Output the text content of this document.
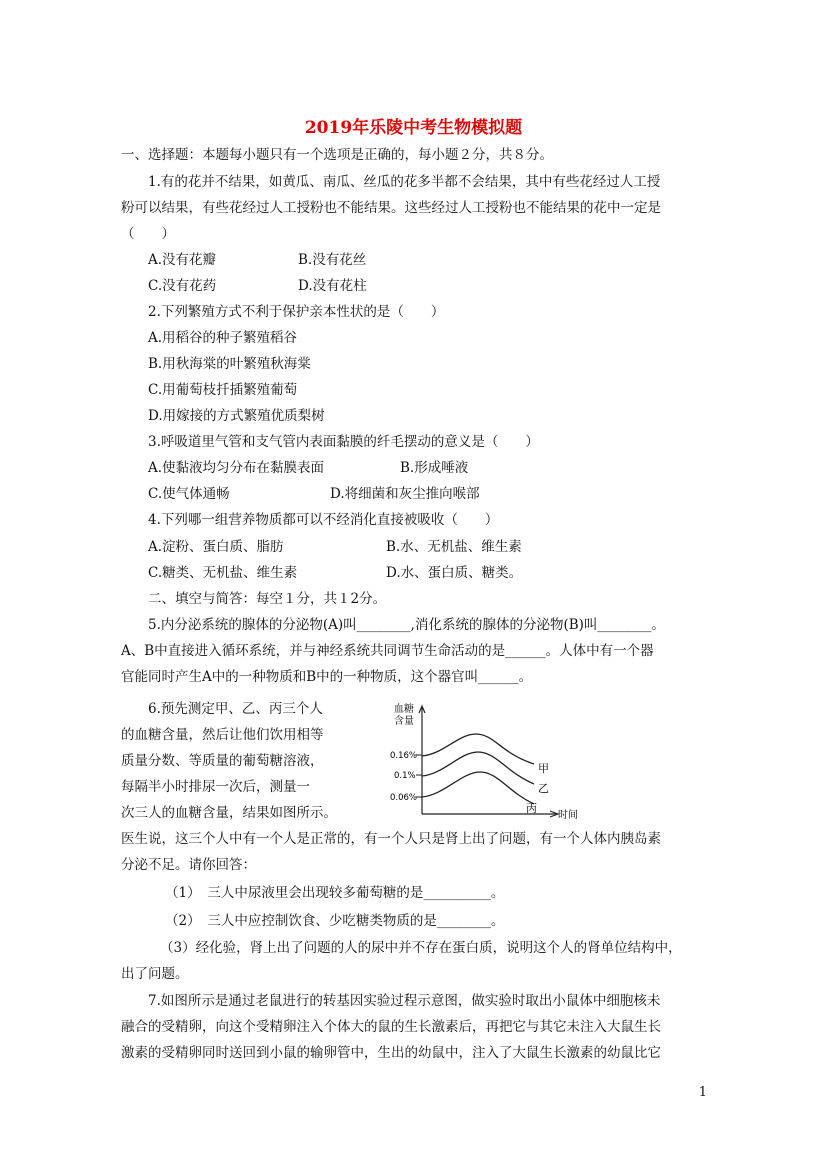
2019年乐陵中考生物模拟题
一、选择题：本题每小题只有一个选项是正确的，每小题２分，共８分。
1.有的花并不结果，如黄瓜、南瓜、丝瓜的花多半都不会结果，其中有些花经过人工授
粉可以结果，有些花经过人工授粉也不能结果。这些经过人工授粉也不能结果的花中一定是
（　　）
A.没有花瓣	B.没有花丝
C.没有花药	D.没有花柱
2.下列繁殖方式不利于保护亲本性状的是（　　）
A.用稻谷的种子繁殖稻谷
B.用秋海棠的叶繁殖秋海棠
C.用葡萄枝扦插繁殖葡萄
D.用嫁接的方式繁殖优质梨树
3.呼吸道里气管和支气管内表面黏膜的纤毛摆动的意义是（　　）
A.使黏液均匀分布在黏膜表面	B.形成唾液
C.使气体通畅	D.将细菌和灰尘推向喉部
4.下列哪一组营养物质都可以不经消化直接被吸收（　　）
A.淀粉、蛋白质、脂肪	B.水、无机盐、维生素
C.糖类、无机盐、维生素	D.水、蛋白质、糖类。
二、填空与简答：每空１分，共１2分。
5.内分泌系统的腺体的分泌物(A)叫________,消化系统的腺体的分泌物(B)叫________。
A、B中直接进入循环系统，并与神经系统共同调节生命活动的是______。人体中有一个器
官能同时产生A中的一种物质和B中的一种物质，这个器官叫______。
6.预先测定甲、乙、丙三个人
的血糖含量，然后让他们饮用相等
质量分数、等质量的葡萄糖溶液，
每隔半小时排尿一次后，测量一
次三人的血糖含量，结果如图所示。
医生说，这三个人中有一个人是正常的，有一个人只是肾上出了问题，有一个人体内胰岛素
分泌不足。请你回答：
（1）　三人中尿液里会出现较多葡萄糖的是__________。
（2）　三人中应控制饮食、少吃糖类物质的是________。
（3）经化验，肾上出了问题的人的尿中并不存在蛋白质，说明这个人的肾单位结构中，
出了问题。
7.如图所示是通过老鼠进行的转基因实验过程示意图，做实验时取出小鼠体中细胞核未
融合的受精卵，向这个受精卵注入个体大的鼠的生长激素后，再把它与其它未注入大鼠生长
激素的受精卵同时送回到小鼠的输卵管中，生出的幼鼠中，注入了大鼠生长激素的幼鼠比它
血糖
含量
0.16%
0.1%
0.06%
甲
乙
丙
时间
1
